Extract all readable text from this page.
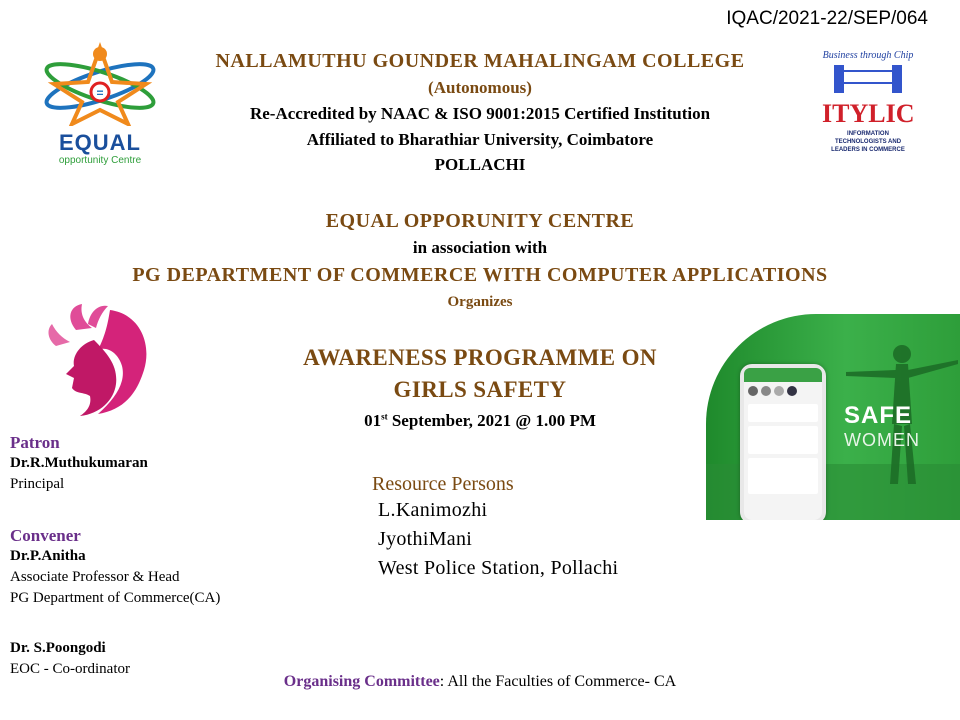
IQAC/2021-22/SEP/064
=
EQUAL
opportunity Centre
Business through Chip
ITYLIC
INFORMATION TECHNOLOGISTS AND LEADERS IN COMMERCE
NALLAMUTHU GOUNDER MAHALINGAM COLLEGE
(Autonomous)
Re-Accredited by NAAC & ISO 9001:2015 Certified Institution
Affiliated to Bharathiar University, Coimbatore
POLLACHI
EQUAL OPPORUNITY CENTRE
in association with
PG DEPARTMENT OF COMMERCE WITH COMPUTER APPLICATIONS
Organizes
AWARENESS PROGRAMME ON
GIRLS SAFETY
01st September, 2021 @ 1.00 PM	SAFE
WOMEN
Patron
Dr.R.Muthukumaran
Principal
Convener
Dr.P.Anitha
Associate Professor & Head
PG Department of Commerce(CA)
Dr. S.Poongodi
EOC - Co-ordinator
Resource Persons
L.Kanimozhi
JyothiMani
West Police Station, Pollachi
Organising Committee: All the Faculties of Commerce- CA
